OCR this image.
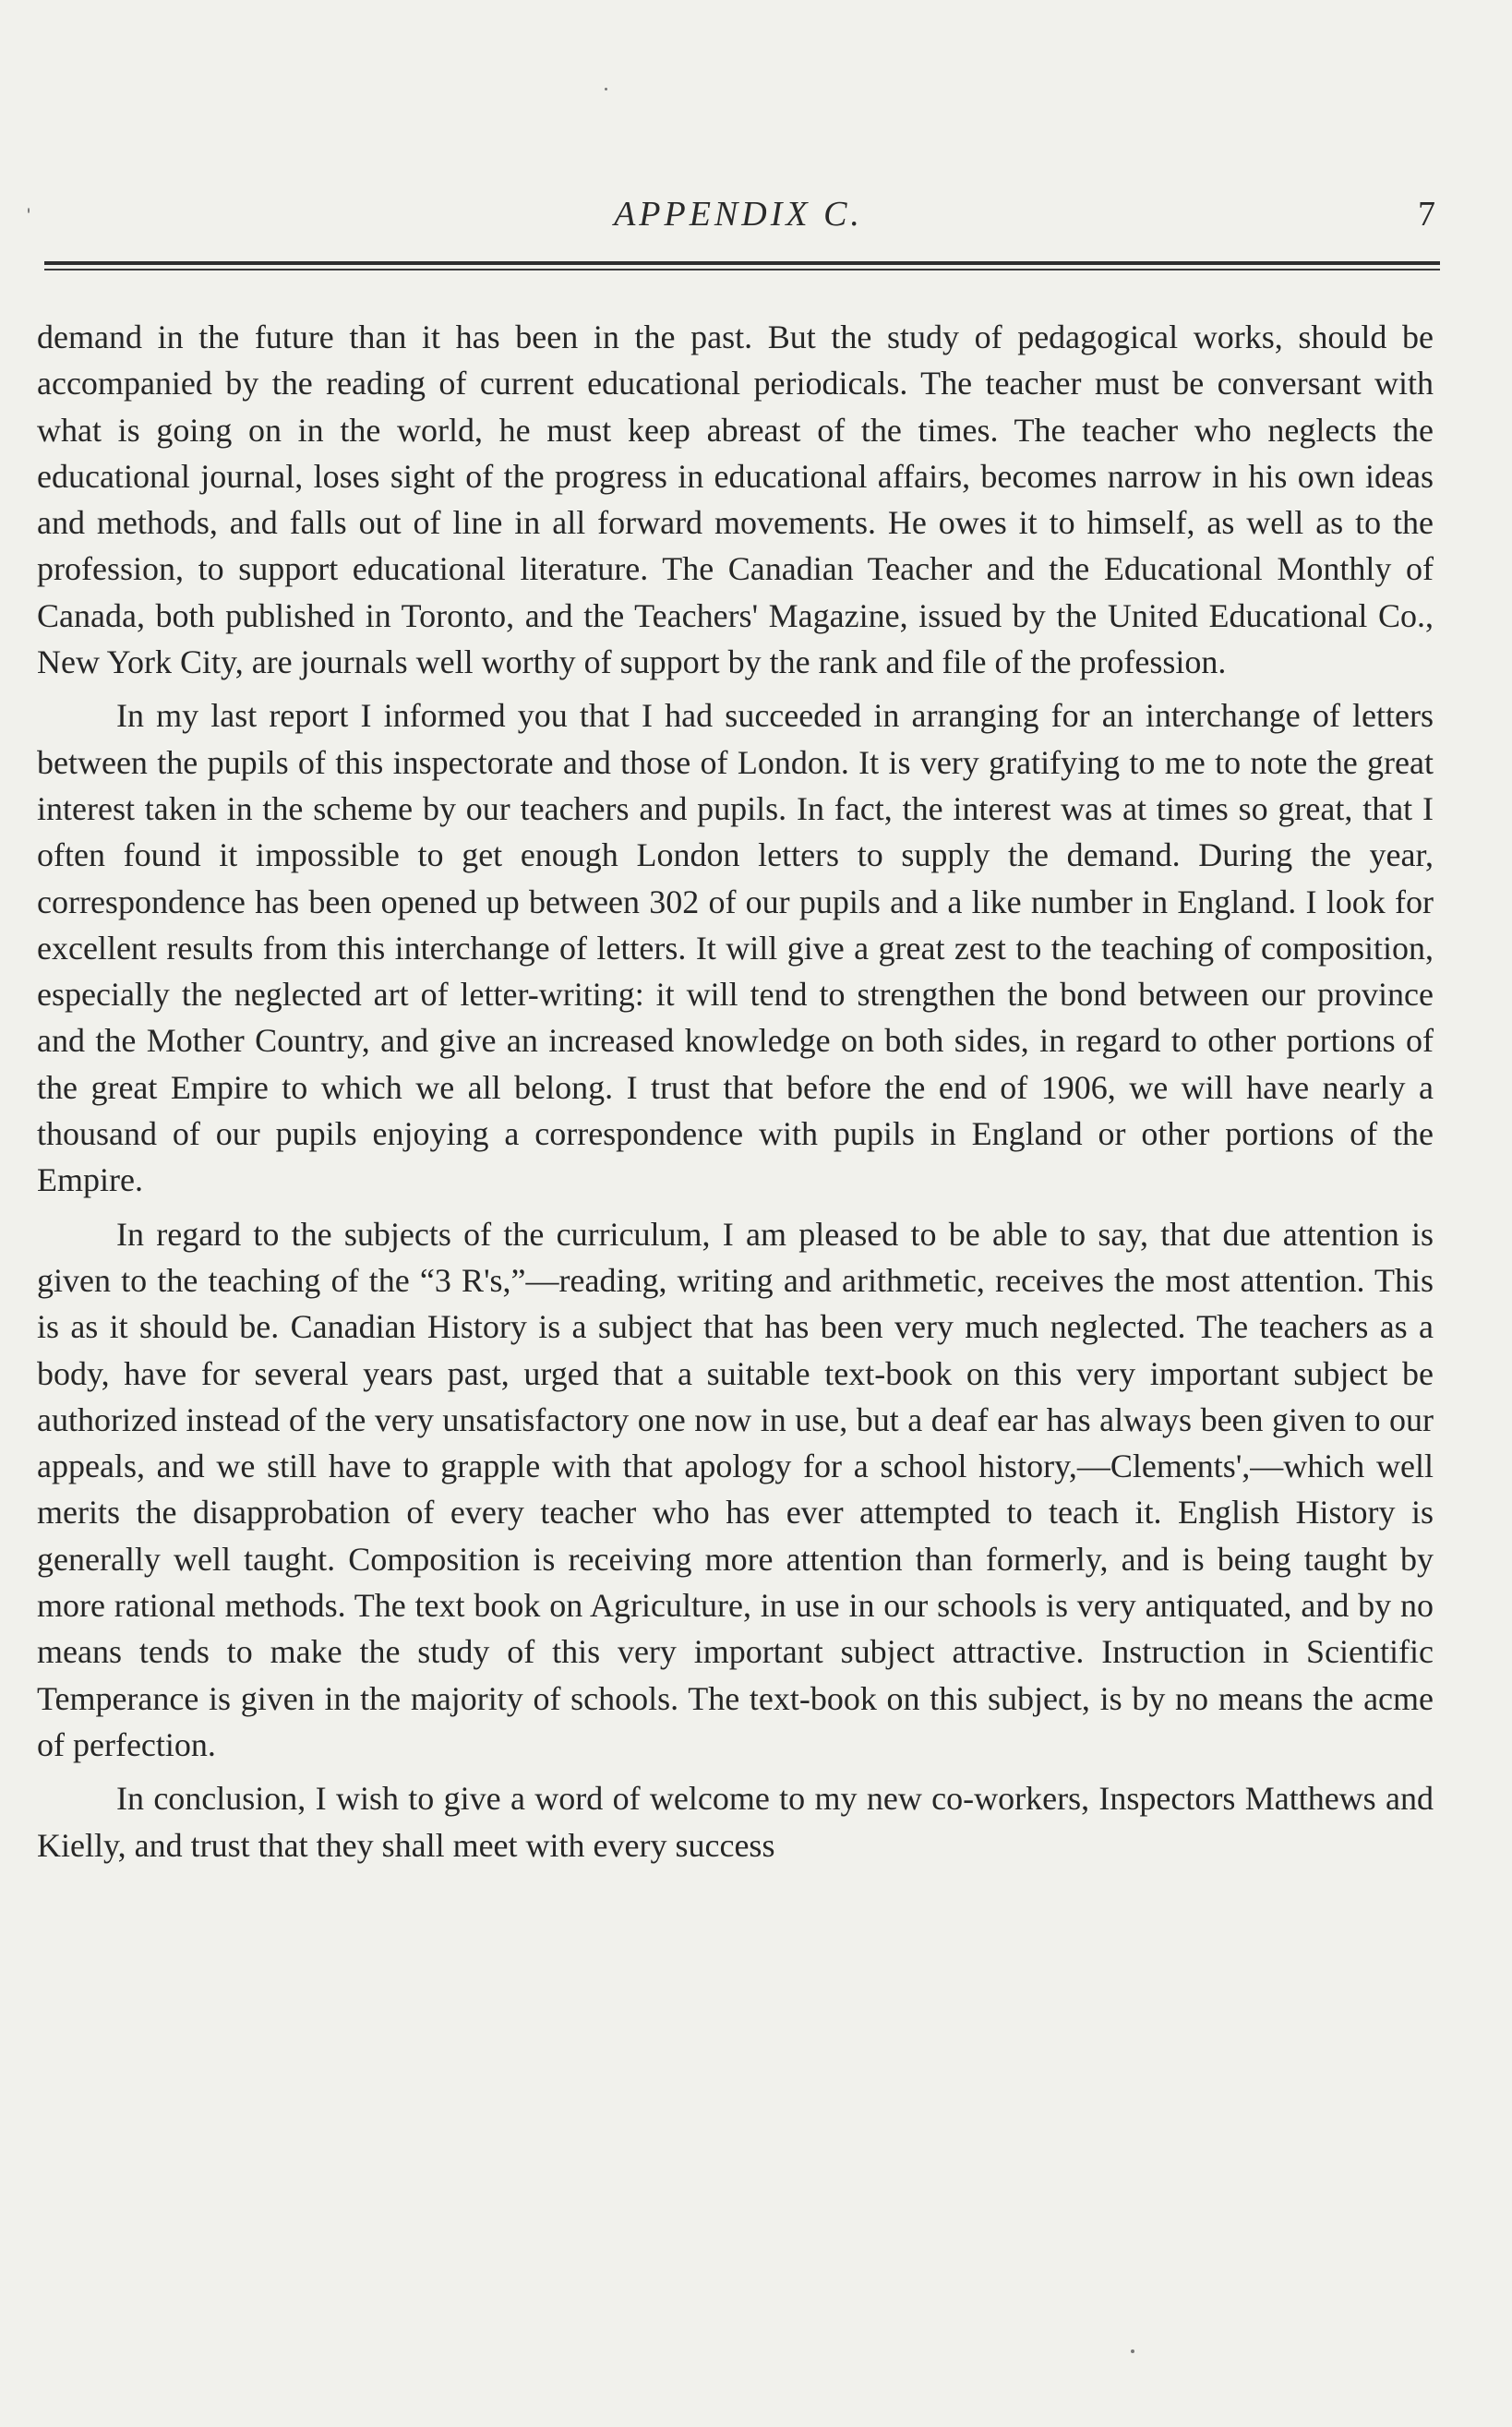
APPENDIX C.	7

demand in the future than it has been in the past. But the study of pedagogical works, should be accompanied by the reading of current educational periodicals. The teacher must be conversant with what is going on in the world, he must keep abreast of the times. The teacher who neglects the educational journal, loses sight of the progress in educational affairs, becomes narrow in his own ideas and methods, and falls out of line in all forward movements. He owes it to himself, as well as to the profession, to support educational literature. The Canadian Teacher and the Educational Monthly of Canada, both published in Toronto, and the Teachers' Magazine, issued by the United Educational Co., New York City, are journals well worthy of support by the rank and file of the profession.

In my last report I informed you that I had succeeded in arranging for an interchange of letters between the pupils of this inspectorate and those of London. It is very gratifying to me to note the great interest taken in the scheme by our teachers and pupils. In fact, the interest was at times so great, that I often found it impossible to get enough London letters to supply the demand. During the year, correspondence has been opened up between 302 of our pupils and a like number in England. I look for excellent results from this interchange of letters. It will give a great zest to the teaching of composition, especially the neglected art of letter-writing: it will tend to strengthen the bond between our province and the Mother Country, and give an increased knowledge on both sides, in regard to other portions of the great Empire to which we all belong. I trust that before the end of 1906, we will have nearly a thousand of our pupils enjoying a correspondence with pupils in England or other portions of the Empire.

In regard to the subjects of the curriculum, I am pleased to be able to say, that due attention is given to the teaching of the “3 R's,”—reading, writing and arithmetic, receives the most attention. This is as it should be. Canadian History is a subject that has been very much neglected. The teachers as a body, have for several years past, urged that a suitable text-book on this very important subject be authorized instead of the very unsatisfactory one now in use, but a deaf ear has always been given to our appeals, and we still have to grapple with that apology for a school history,—Clements',—which well merits the disapprobation of every teacher who has ever attempted to teach it. English History is generally well taught. Composition is receiving more attention than formerly, and is being taught by more rational methods. The text book on Agriculture, in use in our schools is very antiquated, and by no means tends to make the study of this very important subject attractive. Instruction in Scientific Temperance is given in the majority of schools. The text-book on this subject, is by no means the acme of perfection.

In conclusion, I wish to give a word of welcome to my new co-workers, Inspectors Matthews and Kielly, and trust that they shall meet with every success
